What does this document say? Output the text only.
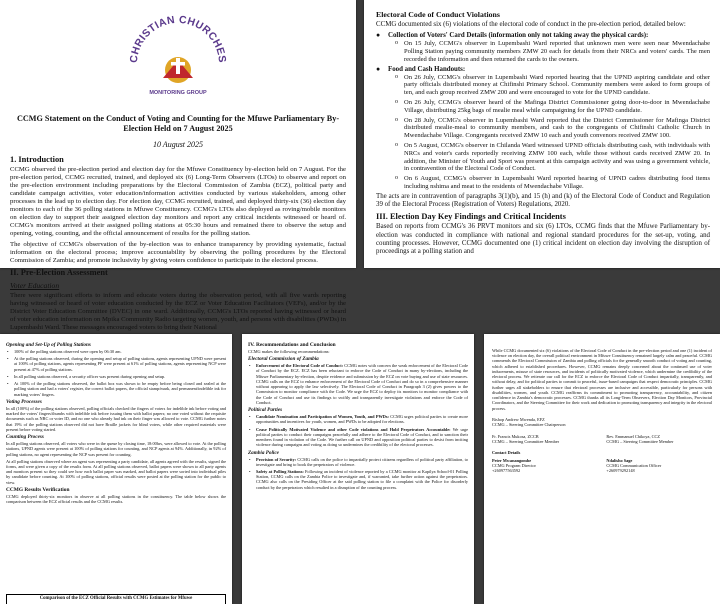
CHRISTIAN CHURCHES
MONITORING GROUP
CCMG Statement on the Conduct of Voting and Counting for the Mfuwe Parliamentary By-Election Held on 7 August 2025
10 August 2025
1. Introduction

CCMG observed the pre-election period and election day for the Mfuwe Constituency by-election held on 7 August. For the pre-election period, CCMG recruited, trained, and deployed six (6) Long-Term Observers (LTOs) to observe and report on the pre-election environment including preparations by the Electoral Commission of Zambia (ECZ), political party and candidate campaign activities, voter education/information activities conducted by various stakeholders, among other processes in the lead up to election day. For election day, CCMG recruited, trained, and deployed thirty-six (36) election day monitors to each of the 36 polling stations in Mfuwe Constituency. CCMG's LTOs also deployed as roving/mobile monitors on election day to support their assigned election day monitors and report any critical incidents witnessed or heard of. CCMG's monitors arrived at their assigned polling stations at 05:30 hours and remained there to observe the setup and opening, voting, counting, and the official announcement of results for the polling station.

The objective of CCMG's observation of the by-election was to enhance transparency by providing systematic, factual information on the electoral process; improve accountability by observing the polling procedures by the Electoral Commission of Zambia; and promote inclusivity by giving voters confidence to participate in the electoral process.

II. Pre-Election Assessment
Voter Education

There were significant efforts to inform and educate voters during the observation period, with all five wards reporting having witnessed or heard of voter education conducted by the ECZ or Voter Education Facilitators (VEFs), and/or by the District Voter Education Committee (DVEC) in one ward. Additionally, CCMG's LTOs reported having witnessed or heard of voter education information on Mpika Community Radio targeting women, youth, and persons with disabilities (PWDs) in Lupembashi Ward. These messages encouraged voters to bring their National

Electoral Code of Conduct Violations

CCMG documented six (6) violations of the electoral code of conduct in the pre-election period, detailed below:

●	Collection of Voters' Card Details (information only not taking away the physical cards):
o On 15 July, CCMG's observer in Lupembashi Ward reported that unknown men were seen near Mwendachabe Polling Station paying community members ZMW 20 each for details from their NRCs and voters' cards. The men recorded the information and then returned the cards to the owners.
●	Food and Cash Handouts:
o On 26 July, CCMG's observer in Lupembashi Ward reported hearing that the UPND aspiring candidate and other party officials distributed money at Chifinshi Primary School. Community members were asked to form groups of ten, and each group received ZMW 200 and were encouraged to vote for the UPND candidate.
o On 26 July, CCMG's observer heard of the Mafinga District Commissioner going door-to-door in Mwendachabe Village, distributing 25kg bags of mealie meal while campaigning for the UPND candidate.
o On 28 July, CCMG's observer in Lupembashi Ward reported that the District Commissioner for Mafinga District distributed mealie-meal to community members, and cash to the congregants of Chifinshi Catholic Church in Mwendachabe Village. Congregants received ZMW 10 each and youth convenors received ZMW 100.
o On 5 August, CCMG's observer in Chilanda Ward witnessed UPND officials distributing cash, with individuals with NRCs and voter's cards reportedly receiving ZMW 100 each, while those without cards received ZMW 20. In addition, the Minister of Youth and Sport was present at this campaign activity and was using a government vehicle, in contravention of the Electoral Code of Conduct.
o On 6 August, CCMG's observer in Lupembashi Ward reported hearing of UPND cadres distributing food items including nshima and meat to the residents of Mwendachabe Village.

The acts are in contravention of paragraphs 3(1)(b), and 15 (h) and (k) of the Electoral Code of Conduct and Regulation 39 of the Electoral Process (Registration of Voters) Regulations, 2020.

III. Election Day Key Findings and Critical Incidents

Based on reports from CCMG's 36 PRVT monitors and six (6) LTOs, CCMG finds that the Mfuwe Parliamentary by-election was conducted in compliance with national and regional standard procedures for the set-up, voting, and counting processes. However, CCMG documented one (1) critical incident on election day involving the disruption of proceedings at a polling station and

Opening and Set-Up of Polling Stations
• 100% of the polling stations observed were open by 06:30 am.
• At the polling stations observed, during the opening and setup of polling stations, agents representing UPND were present at 100% of polling stations, agents representing PF were present at 61% of polling stations, agents representing NCP were present at 47% of polling stations.
• In all polling stations observed, a security officer was present during opening and setup.
• At 100% of the polling stations observed, the ballot box was shown to be empty before being closed and sealed at the polling station and had a voters' register, the correct ballot papers, the official stamp/mark, and permanent/indelible ink for marking voters' fingers.
Voting Processes

In all (100%) of the polling stations observed, polling officials checked the fingers of voters for indelible ink before voting and marked the voters' fingers/thumbs with indelible ink before issuing them with ballot papers; no one voted without the requisite documents such as NRC or voter ID, and no one who already had ink on their finger was allowed to vote. CCMG further notes that 19% of the polling stations observed did not have Braille jackets for blind voters, while other required materials were present before voting started.

Counting Process

In all polling stations observed, all voters who were in the queue by closing time, 18:00hrs, were allowed to vote. At the polling stations, UPND agents were present at 100% of polling stations for counting, and NCP agents at 94%. Additionally, in 92% of polling stations, no agent representing the NCP was present for counting.

At all polling stations observed where an agent was representing a party candidate, all agents agreed with the results, signed the forms, and were given a copy of the results form. At all polling stations observed, ballot papers were shown to all party agents and monitors present so they could see how each ballot paper was marked, and ballot papers were sorted into individual piles by candidate before counting. At 100% of polling stations, official results were posted at the polling station for the public to view.

CCMG Results Verification

CCMG deployed thirty-six monitors in observe at all polling stations in the constituency. The table below shows the comparison between the ECZ official results and the CCMG results.

Comparison of the ECZ Official Results with CCMG Estimates for Mfuwe
IV. Recommendations and Conclusion

CCMG makes the following recommendations:

Electoral Commission of Zambia
• Enforcement of the Electoral Code of Conduct: CCMG notes with concern the weak enforcement of the Electoral Code of Conduct by the ECZ. ECZ has been reluctant to enforce the Code of Conduct in many by-elections, including the Mfuwe Parliamentary by-election, despite evidence and submission by the ECZ on vote buying and use of state resources. CCMG calls on the ECZ to enhance enforcement of the Electoral Code of Conduct and do so in a comprehensive manner without appearing to apply the law selectively. The Electoral Code of Conduct in Paragraph 3 (2) gives powers to the Commission to monitor compliance with the Code. We urge the ECZ to deploy its monitors to monitor compliance with the Code of Conduct and use its findings to swiftly and transparently investigate violations and enforce the Code of Conduct.
Political Parties
• Candidate Nomination and Participation of Women, Youth, and PWDs: CCMG urges political parties to create more opportunities and incentives for youth, women, and PWDs to be adopted for elections.
• Cease Politically Motivated Violence and other Code violations and Hold Perpetrators Accountable: We urge political parties to conduct their campaigns peacefully and adhere to the Electoral Code of Conduct, and to sanction their members found in violation of the Code. We further call on UPND and opposition political parties to desist from inciting violence during campaigns and voting as doing so undermines the credibility of the electoral processes.
Zambia Police
• Provision of Security: CCMG calls on the police to impartially protect citizens regardless of political party affiliation, to investigate and bring to book the perpetrators of violence.
• Safety at Polling Stations: Following an incident of violence reported by a CCMG monitor at Kapilya School-01 Polling Station, CCMG calls on the Zambia Police to investigate and, if warranted, take further action against the perpetrators. CCMG also calls on the Presiding Officer at the said polling station to file a complaint with the Police for disorderly conduct by the perpetrators which resulted in a disruption of the counting process.

While CCMG documented six (6) violations of the Electoral Code of Conduct in the pre-election period and one (1) incident of violence on election day, the overall political environment in Mfuwe Constituency remained largely calm and peaceful. CCMG commends the Electoral Commission of Zambia and polling officials for the generally smooth conduct of voting and counting, which adhered to established procedures. However, CCMG remains deeply concerned about the continued use of voter inducements, misuse of state resources, and incidents of politically motivated violence, which undermine the credibility of the electoral process. We reiterate our call for the ECZ to enforce the Electoral Code of Conduct impartially, transparently, and without delay, and for political parties to commit to peaceful, issue-based campaigns that respect democratic principles. CCMG further urges all stakeholders to ensure that electoral processes are inclusive and accessible, particularly for persons with disabilities, women, and youth. CCMG reaffirms its commitment to promoting transparency, accountability, and citizen confidence in Zambia's democratic processes. CCMG thanks all its Long-Term Observers, Election Day Monitors, Provincial Coordinators, and the Steering Committee for their work and dedication to promoting transparency and integrity in the electoral process.

Bishop Andrew Mwenda, EFZ
CCMG – Steering Committee Chairperson
Fr. Francis Mukosa, ZCCB
CCMG – Steering Committee Member
Rev. Emmanuel Chikoya, CCZ
CCMG – Steering Committee Member
Contact Details
Peter Mwanangombe
CCMG Program Director
+260977563592
Ndalisho Sage
CCMG Communication Officer
+260979292148
